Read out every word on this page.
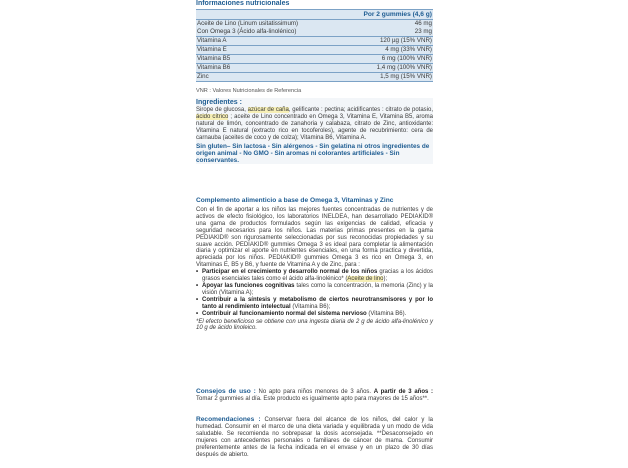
Informaciones nutricionales
Por 2 gummies (4,6 g)
Aceite de Lino (Linum usitatissimum)	46 mg
Con Omega 3 (Ácido alfa-linolénico)	23 mg
Vitamina A	120 µg (15% VNR)
Vitamina E	4 mg (33% VNR)
Vitamina B5	6 mg (100% VNR)
Vitamina B6	1,4 mg (100% VNR)
Zinc	1,5 mg (15% VNR)
VNR : Valores Nutricionales de Referencia
Ingredientes :

Sirope de glucosa, azúcar de caña, gelificante : pectina; acidificantes : citrato de potasio, ácido cítrico ; aceite de Lino concentrado en Omega 3, Vitamina E, Vitamina B5, aroma natural de limón, concentrado de zanahoria y calabaza, citrato de Zinc, antioxidante: Vitamina E natural (extracto rico en tocoferoles), agente de recubrimiento: cera de carnauba (aceites de coco y de colza); Vitamina B6, Vitamina A.

Sin gluten– Sin lactosa - Sin alérgenos - Sin gelatina ni otros ingredientes de origen animal - No GMO - Sin aromas ni colorantes artificiales - Sin conservantes.

Complemento alimenticio a base de Omega 3, Vitaminas y Zinc

Con el fin de aportar a los niños las mejores fuentes concentradas de nutrientes y de activos de efecto fisiológico, los laboratorios INELDEA, han desarrollado PEDIAKID® una gama de productos formulados según las exigencias de calidad, eficacia y seguridad necesarios para los niños. Las materias primas presentes en la gama PEDIAKID® son rigurosamente seleccionadas por sus reconocidas propiedades y su suave acción. PEDIAKID® gummies Omega 3 es ideal para completar la alimentación diaria y optimizar el aporte en nutrientes esenciales, en una forma practica y divertida, apreciada por los niños. PEDIAKID® gummies Omega 3 es rico en Omega 3, en Vitaminas E, B5 y B6, y fuente de Vitamina A y de Zinc, para :

• Participar en el crecimiento y desarrollo normal de los niños gracias a los ácidos grasos esenciales tales como el ácido alfa-linolénico* (Aceite de lino);
• Apoyar las funciones cognitivas tales como la concentración, la memoria (Zinc) y la visión (Vitamina A);
• Contribuir a la síntesis y metabolismo de ciertos neurotransmisores y por lo tanto al rendimiento intelectual (Vitamina B6);
• Contribuir al funcionamiento normal del sistema nervioso (Vitamina B6).

*El efecto beneficioso se obtiene con una ingesta diaria de 2 g de ácido alfa-linolénico y 10 g de ácido linoleico.

Consejos de uso : No apto para niños menores de 3 años. A partir de 3 años : Tomar 2 gummies al día. Este producto es igualmente apto para mayores de 15 años**.

Recomendaciones : Conservar fuera del alcance de los niños, del calor y la humedad. Consumir en el marco de una dieta variada y equilibrada y un modo de vida saludable. Se recomienda no sobrepasar la dosis aconsejada. **Desaconsejado en mujeres con antecedentes personales o familiares de cáncer de mama. Consumir preferentemente antes de la fecha indicada en el envase y en un plazo de 30 días después de abierto.
